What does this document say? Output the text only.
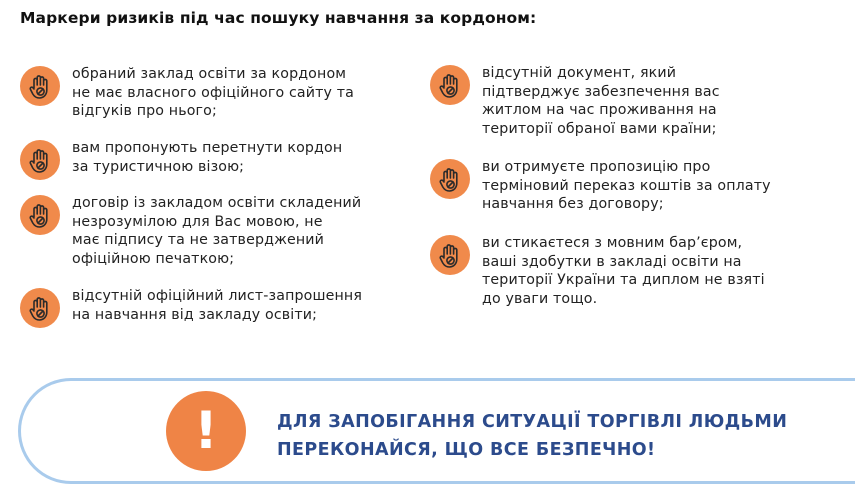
Маркери ризиків під час пошуку навчання за кордоном:
обраний заклад освіти за кордоном
не має власного офіційного сайту та
відгуків про нього;
вам пропонують перетнути кордон
за туристичною візою;
договір із закладом освіти складений
незрозумілою для Вас мовою, не
має підпису та не затверджений
офіційною печаткою;
відсутній офіційний лист-запрошення
на навчання від закладу освіти;
відсутній документ, який
підтверджує забезпечення вас
житлом на час проживання на
території обраної вами країни;
ви отримуєте пропозицію про
терміновий переказ коштів за оплату
навчання без договору;
ви стикаєтеся з мовним бар’єром,
ваші здобутки в закладі освіти на
території України та диплом не взяті
до уваги тощо.
!	ДЛЯ ЗАПОБІГАННЯ СИТУАЦІЇ ТОРГІВЛІ ЛЮДЬМИ
ПЕРЕКОНАЙСЯ, ЩО ВСЕ БЕЗПЕЧНО!
